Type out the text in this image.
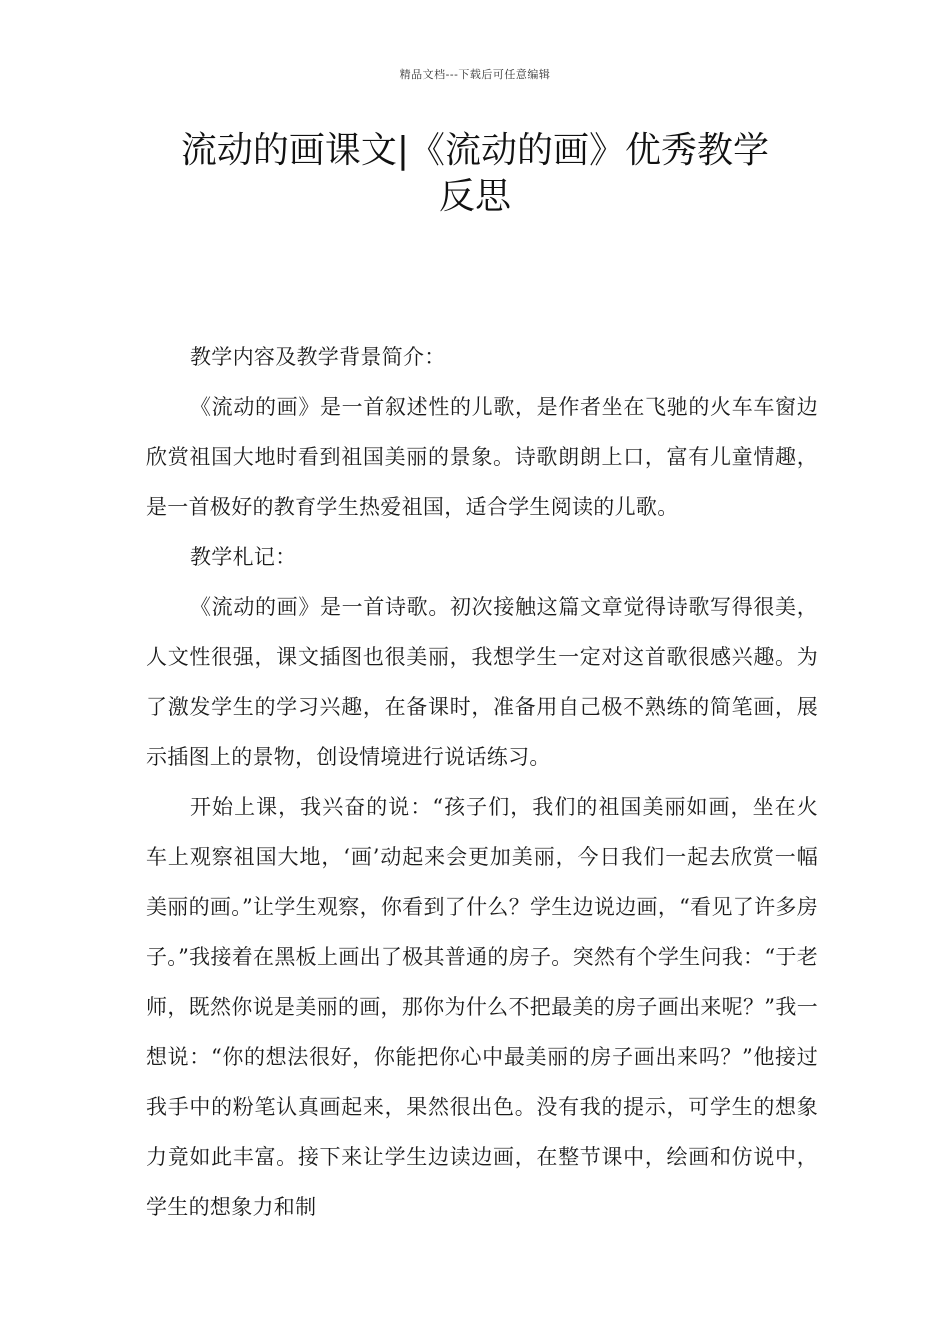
精品文档---下载后可任意编辑
流动的画课文|《流动的画》优秀教学
反思

教学内容及教学背景简介：

《流动的画》是一首叙述性的儿歌，是作者坐在飞驰的火车车窗边欣赏祖国大地时看到祖国美丽的景象。诗歌朗朗上口，富有儿童情趣，是一首极好的教育学生热爱祖国，适合学生阅读的儿歌。

教学札记：

《流动的画》是一首诗歌。初次接触这篇文章觉得诗歌写得很美，人文性很强，课文插图也很美丽，我想学生一定对这首歌很感兴趣。为了激发学生的学习兴趣，在备课时，准备用自己极不熟练的简笔画，展示插图上的景物，创设情境进行说话练习。

开始上课，我兴奋的说：“孩子们，我们的祖国美丽如画，坐在火车上观察祖国大地，‘画’动起来会更加美丽，今日我们一起去欣赏一幅美丽的画。”让学生观察，你看到了什么？学生边说边画，“看见了许多房子。”我接着在黑板上画出了极其普通的房子。突然有个学生问我：“于老师，既然你说是美丽的画，那你为什么不把最美的房子画出来呢？”我一想说：“你的想法很好，你能把你心中最美丽的房子画出来吗？”他接过我手中的粉笔认真画起来，果然很出色。没有我的提示，可学生的想象力竟如此丰富。接下来让学生边读边画，在整节课中，绘画和仿说中，学生的想象力和制
